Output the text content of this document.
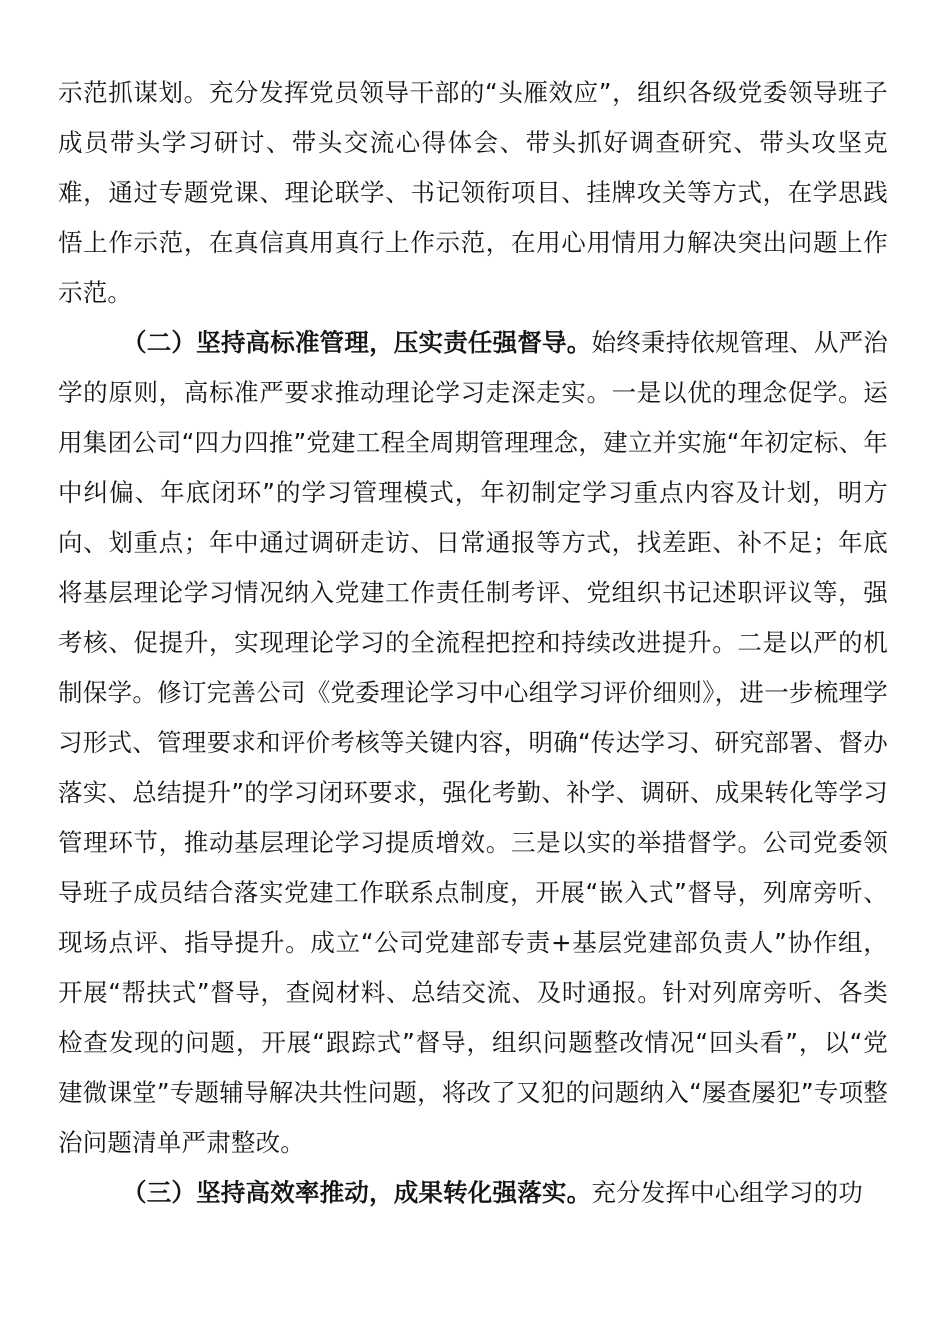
示范抓谋划。充分发挥党员领导干部的“头雁效应”，组织各级党委领导班子成员带头学习研讨、带头交流心得体会、带头抓好调查研究、带头攻坚克难，通过专题党课、理论联学、书记领衔项目、挂牌攻关等方式，在学思践悟上作示范，在真信真用真行上作示范，在用心用情用力解决突出问题上作示范。

（二）坚持高标准管理，压实责任强督导。始终秉持依规管理、从严治学的原则，高标准严要求推动理论学习走深走实。一是以优的理念促学。运用集团公司“四力四推”党建工程全周期管理理念，建立并实施“年初定标、年中纠偏、年底闭环”的学习管理模式，年初制定学习重点内容及计划，明方向、划重点；年中通过调研走访、日常通报等方式，找差距、补不足；年底将基层理论学习情况纳入党建工作责任制考评、党组织书记述职评议等，强考核、促提升，实现理论学习的全流程把控和持续改进提升。二是以严的机制保学。修订完善公司《党委理论学习中心组学习评价细则》，进一步梳理学习形式、管理要求和评价考核等关键内容，明确“传达学习、研究部署、督办落实、总结提升”的学习闭环要求，强化考勤、补学、调研、成果转化等学习管理环节，推动基层理论学习提质增效。三是以实的举措督学。公司党委领导班子成员结合落实党建工作联系点制度，开展“嵌入式”督导，列席旁听、现场点评、指导提升。成立“公司党建部专责+基层党建部负责人”协作组，开展“帮扶式”督导，查阅材料、总结交流、及时通报。针对列席旁听、各类检查发现的问题，开展“跟踪式”督导，组织问题整改情况“回头看”，以“党建微课堂”专题辅导解决共性问题，将改了又犯的问题纳入“屡查屡犯”专项整治问题清单严肃整改。

（三）坚持高效率推动，成果转化强落实。充分发挥中心组学习的功
